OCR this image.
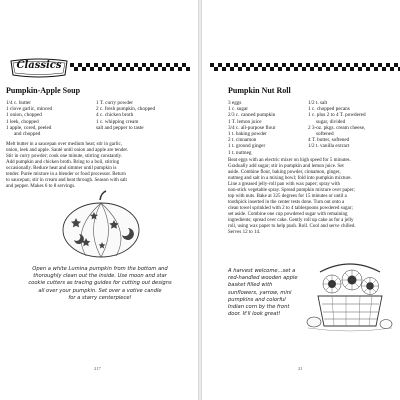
Classics
Pumpkin-Apple Soup
1/4 c. butter
1 clove garlic, minced
1 onion, chopped
1 leek, chopped
1 apple, cored, peeled
and chopped
1 T. curry powder
2 c. fresh pumpkin, chopped
4 c. chicken broth
1 c. whipping cream
salt and pepper to taste
Melt butter in a saucepan over medium heat; stir in garlic,
onion, leek and apple. Sauté until onion and apple are tender.
Stir in curry powder; cook one minute, stirring constantly.
Add pumpkin and chicken broth. Bring to a boil, stirring
occasionally. Reduce heat and simmer until pumpkin is
tender. Purée mixture in a blender or food processor. Return
to saucepan; stir in cream and heat through. Season with salt
and pepper. Makes 6 to 8 servings.
Open a white Lumina pumpkin from the bottom and
thoroughly clean out the inside. Use moon and star
cookie cutters as tracing guides for cutting out designs
all over your pumpkin. Set over a votive candle
for a starry centerpiece!
217
Pumpkin Nut Roll
3 eggs
1 c. sugar
2/3 c. canned pumpkin
1 T. lemon juice
3/4 c. all-purpose flour
1 t. baking powder
2 t. cinnamon
1 t. ground ginger
1 t. nutmeg
1/2 t. salt
1 c. chopped pecans
1 c. plus 2 to 4 T. powdered
sugar, divided
2 3-oz. pkgs. cream cheese,
softened
4 T. butter, softened
1/2 t. vanilla extract
Beat eggs with an electric mixer on high speed for 5 minutes.
Gradually add sugar; stir in pumpkin and lemon juice. Set
aside. Combine flour, baking powder, cinnamon, ginger,
nutmeg and salt in a mixing bowl; fold into pumpkin mixture.
Line a greased jelly-roll pan with wax paper; spray with
non-stick vegetable spray. Spread pumpkin mixture over paper;
top with nuts. Bake at 325 degrees for 15 minutes or until a
toothpick inserted in the center tests done. Turn out onto a
clean towel sprinkled with 2 to 4 tablespoons powdered sugar;
set aside. Combine one cup powdered sugar with remaining
ingredients; spread over cake. Gently roll up cake as for a jelly
roll, using wax paper to help push. Roll. Cool and serve chilled.
Serves 12 to 14.
A harvest welcome...set a
red-handled wooden apple
basket filled with
sunflowers, yarrow, mini
pumpkins and colorful
Indian corn by the front
door. It'll look great!
21
